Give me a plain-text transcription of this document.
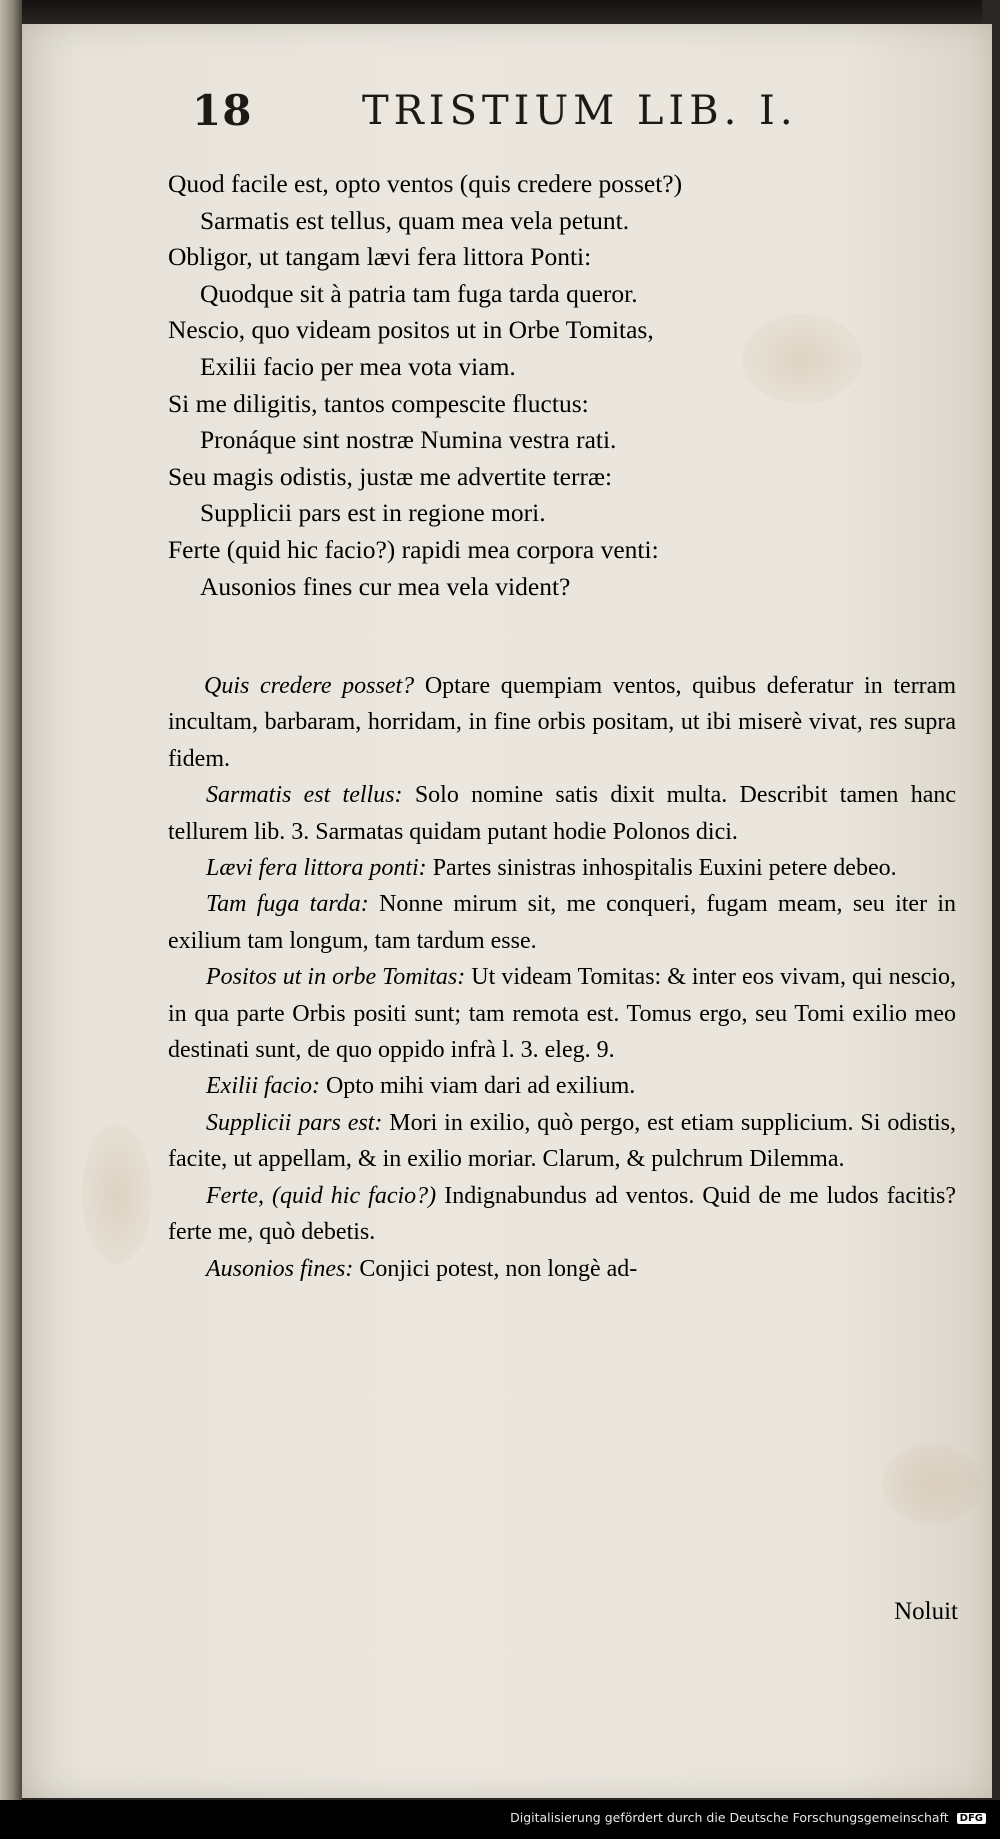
18	TRISTIUM LIB. I.
Quod facile est, opto ventos (quis credere posset?)
Sarmatis est tellus, quam mea vela petunt.
Obligor, ut tangam lævi fera littora Ponti:
Quodque sit à patria tam fuga tarda queror.
Nescio, quo videam positos ut in Orbe Tomitas,
Exilii facio per mea vota viam.
Si me diligitis, tantos compescite fluctus:
Pronáque sint nostræ Numina vestra rati.
Seu magis odistis, justæ me advertite terræ:
Supplicii pars est in regione mori.
Ferte (quid hic facio?) rapidi mea corpora venti:
Ausonios fines cur mea vela vident?

Quis credere posset? Optare quempiam ventos, quibus deferatur in terram incultam, barbaram, horridam, in fine orbis positam, ut ibi miserè vivat, res supra fidem.

Sarmatis est tellus: Solo nomine satis dixit multa. Describit tamen hanc tellurem lib. 3. Sarmatas quidam putant hodie Polonos dici.

Lævi fera littora ponti: Partes sinistras inhospitalis Euxini petere debeo.

Tam fuga tarda: Nonne mirum sit, me conqueri, fugam meam, seu iter in exilium tam longum, tam tardum esse.

Positos ut in orbe Tomitas: Ut videam Tomitas: & inter eos vivam, qui nescio, in qua parte Orbis positi sunt; tam remota est. Tomus ergo, seu Tomi exilio meo destinati sunt, de quo oppido infrà l. 3. eleg. 9.

Exilii facio: Opto mihi viam dari ad exilium.

Supplicii pars est: Mori in exilio, quò pergo, est etiam supplicium. Si odistis, facite, ut appellam, & in exilio moriar. Clarum, & pulchrum Dilemma.

Ferte, (quid hic facio?) Indignabundus ad ventos. Quid de me ludos facitis? ferte me, quò debetis.

Ausonios fines: Conjici potest, non longè ad-

Noluit
Digitalisierung gefördert durch die Deutsche Forschungsgemeinschaft DFG
